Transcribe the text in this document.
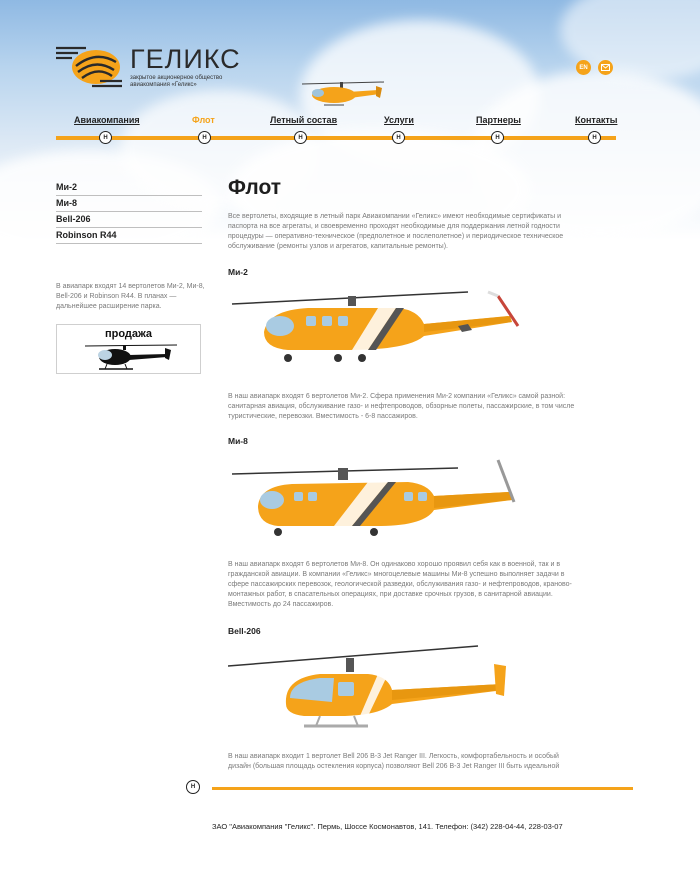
ГЕЛИКС
закрытое акционерное общество авиакомпания «Геликс»
EN
Авиакомпания	Флот	Летный состав	Услуги	Партнеры	Контакты
Н	Н	Н	Н	Н	Н
Ми-2
Ми-8
Bell-206
Robinson R44
В авиапарк входят 14 вертолетов Ми-2, Ми-8, Bell-206 и Robinson R44. В планах — дальнейшее расширение парка.
продажа
Флот

Все вертолеты, входящие в летный парк Авиакомпании «Геликс» имеют необходимые сертификаты и паспорта на все агрегаты, и своевременно проходят необходимые для поддержания летной годности процедуры — оперативно-техническое (предполетное и послеполетное) и периодическое техническое обслуживание (ремонты узлов и агрегатов, капитальные ремонты).

Ми-2

В наш авиапарк входят 6 вертолетов Ми-2. Сфера применения Ми-2 компании «Геликс» самой разной: санитарная авиация, обслуживание газо- и нефтепроводов, обзорные полеты, пассажирские, в том числе туристические, перевозки. Вместимость - 6-8 пассажиров.

Ми-8

В наш авиапарк входят 6 вертолетов Ми-8. Он одинаково хорошо проявил себя как в военной, так и в гражданской авиации. В компании «Геликс» многоцелевые машины Ми-8 успешно выполняет задачи в сфере пассажирских перевозок, геологической разведки, обслуживания газо- и нефтепроводов, краново-монтажных работ, в спасательных операциях, при доставке срочных грузов, в санитарной авиации. Вместимость до 24 пассажиров.

Bell-206

В наш авиапарк входит 1 вертолет Bell 206 B-3 Jet Ranger III. Легкость, комфортабельность и особый дизайн (большая площадь остекления корпуса) позволяют Bell 206 B-3 Jet Ranger III быть идеальной

Н
ЗАО "Авиакомпания "Геликс". Пермь, Шоссе Космонавтов, 141. Телефон: (342) 228-04-44, 228-03-07
